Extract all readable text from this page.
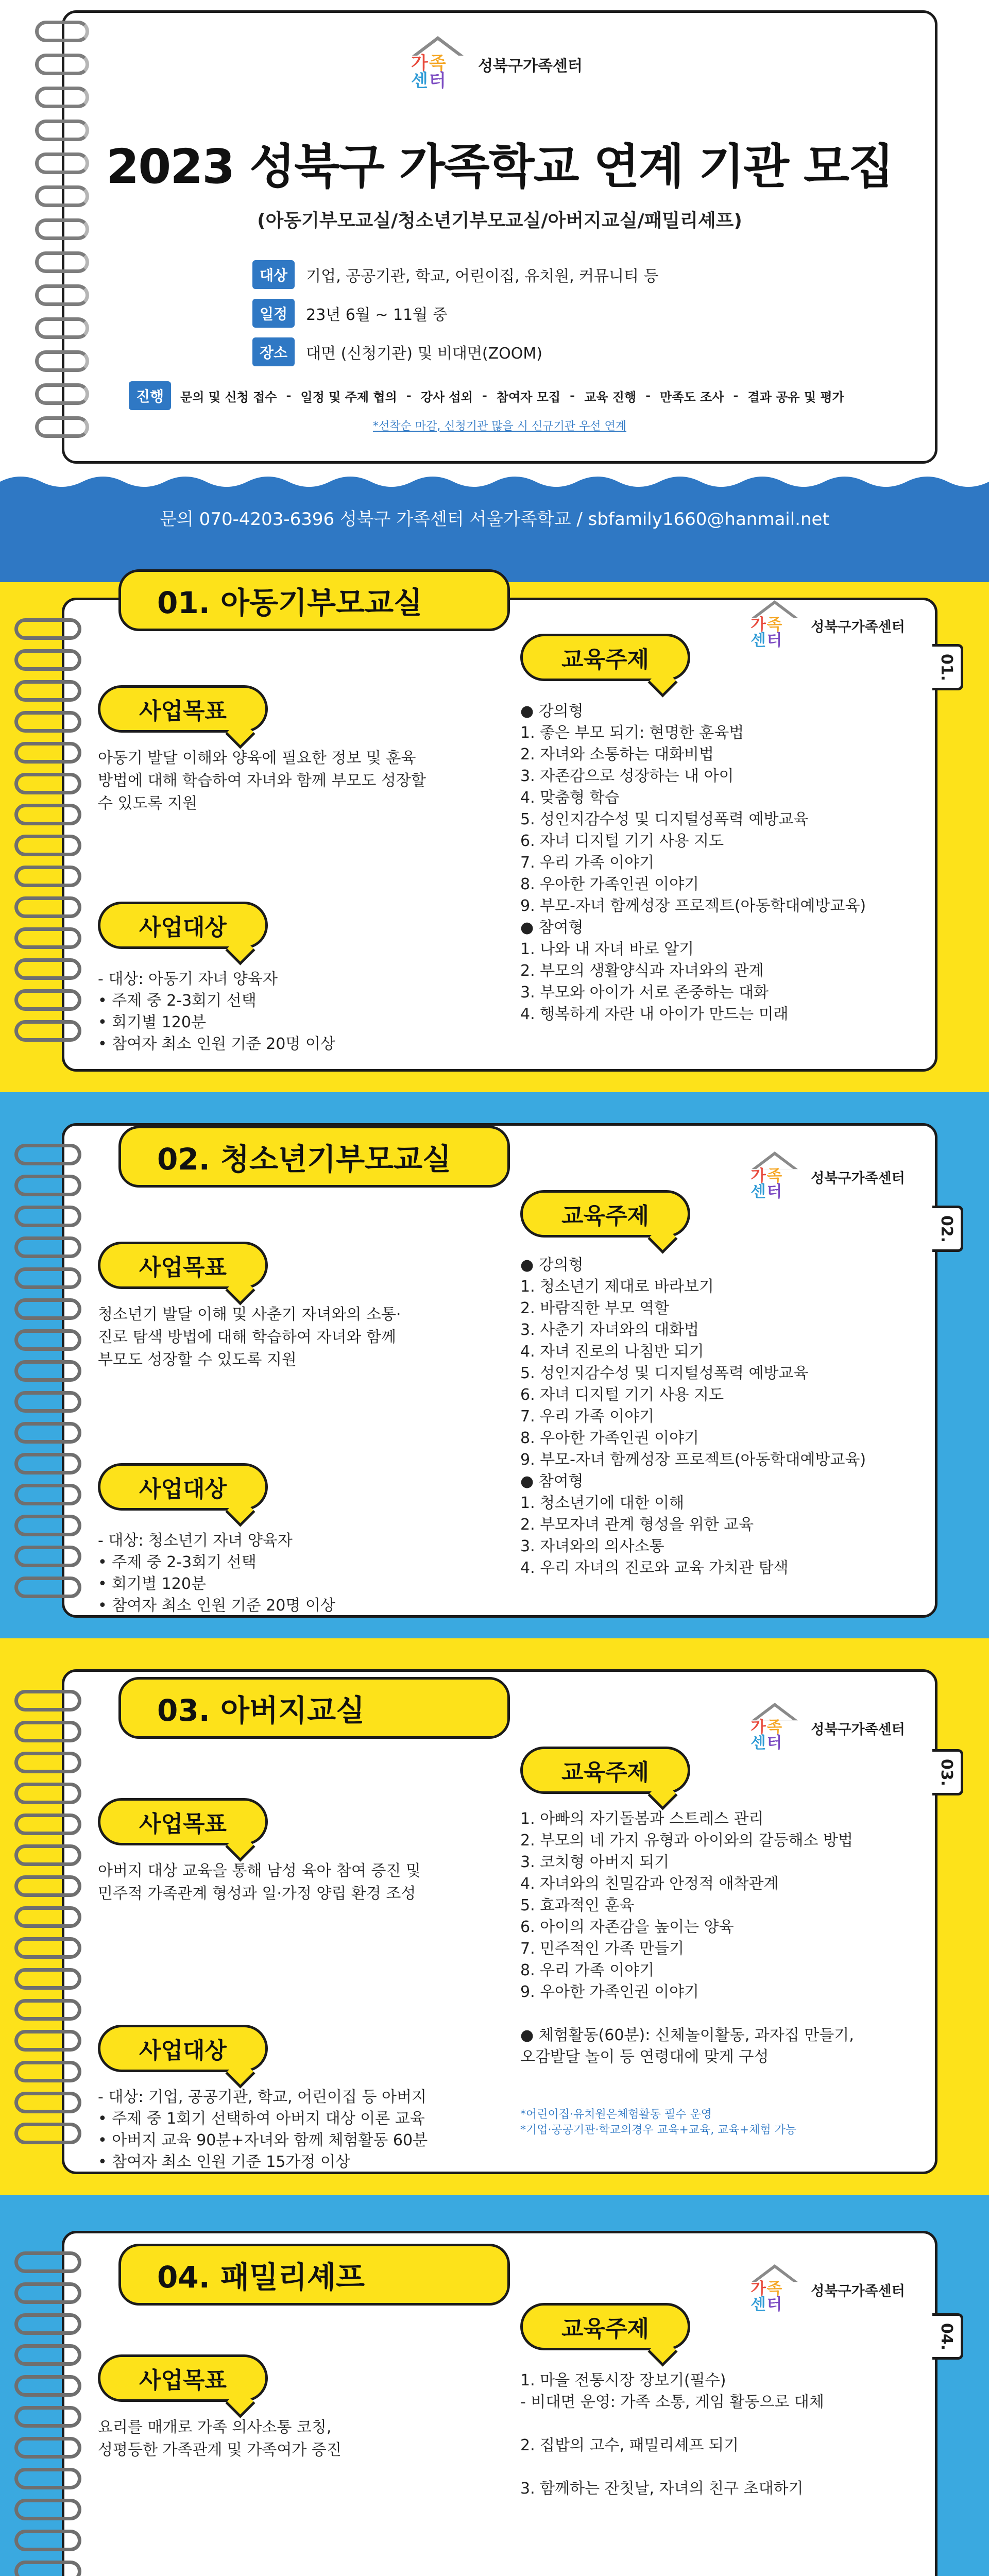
가족
센터
성북구가족센터
2023 성북구 가족학교 연계 기관 모집
(아동기부모교실/청소년기부모교실/아버지교실/패밀리셰프)
대상	기업, 공공기관, 학교, 어린이집, 유치원, 커뮤니티 등
일정	23년 6월 ~ 11월 중
장소	대면 (신청기관) 및 비대면(ZOOM)
진행	문의 및 신청 접수 - 일정 및 주제 협의 - 강사 섭외 - 참여자 모집 - 교육 진행 - 만족도 조사 - 결과 공유 및 평가
*선착순 마감, 신청기관 많을 시 신규기관 우선 연계
문의 070-4203-6396 성북구 가족센터 서울가족학교 / sbfamily1660@hanmail.net
01. 아동기부모교실
가족
센터
성북구가족센터
01.
사업목표
아동기 발달 이해와 양육에 필요한 정보 및 훈육
방법에 대해 학습하여 자녀와 함께 부모도 성장할
수 있도록 지원
사업대상
- 대상: 아동기 자녀 양육자
• 주제 중 2-3회기 선택
• 회기별 120분
• 참여자 최소 인원 기준 20명 이상
교육주제
● 강의형
1. 좋은 부모 되기: 현명한 훈육법
2. 자녀와 소통하는 대화비법
3. 자존감으로 성장하는 내 아이
4. 맞춤형 학습
5. 성인지감수성 및 디지털성폭력 예방교육
6. 자녀 디지털 기기 사용 지도
7. 우리 가족 이야기
8. 우아한 가족인권 이야기
9. 부모-자녀 함께성장 프로젝트(아동학대예방교육)
● 참여형
1. 나와 내 자녀 바로 알기
2. 부모의 생활양식과 자녀와의 관계
3. 부모와 아이가 서로 존중하는 대화
4. 행복하게 자란 내 아이가 만드는 미래
02. 청소년기부모교실	가족
센터
성북구가족센터
02.
사업목표
청소년기 발달 이해 및 사춘기 자녀와의 소통·
진로 탐색 방법에 대해 학습하여 자녀와 함께
부모도 성장할 수 있도록 지원
사업대상
- 대상: 청소년기 자녀 양육자
• 주제 중 2-3회기 선택
• 회기별 120분
• 참여자 최소 인원 기준 20명 이상
교육주제
● 강의형
1. 청소년기 제대로 바라보기
2. 바람직한 부모 역할
3. 사춘기 자녀와의 대화법
4. 자녀 진로의 나침반 되기
5. 성인지감수성 및 디지털성폭력 예방교육
6. 자녀 디지털 기기 사용 지도
7. 우리 가족 이야기
8. 우아한 가족인권 이야기
9. 부모-자녀 함께성장 프로젝트(아동학대예방교육)
● 참여형
1. 청소년기에 대한 이해
2. 부모자녀 관계 형성을 위한 교육
3. 자녀와의 의사소통
4. 우리 자녀의 진로와 교육 가치관 탐색
03. 아버지교실	가족
센터
성북구가족센터
03.
사업목표
아버지 대상 교육을 통해 남성 육아 참여 증진 및
민주적 가족관계 형성과 일·가정 양립 환경 조성
사업대상
- 대상: 기업, 공공기관, 학교, 어린이집 등 아버지
• 주제 중 1회기 선택하여 아버지 대상 이론 교육
• 아버지 교육 90분+자녀와 함께 체험활동 60분
• 참여자 최소 인원 기준 15가정 이상
교육주제
1. 아빠의 자기돌봄과 스트레스 관리
2. 부모의 네 가지 유형과 아이와의 갈등해소 방법
3. 코치형 아버지 되기
4. 자녀와의 친밀감과 안정적 애착관계
5. 효과적인 훈육
6. 아이의 자존감을 높이는 양육
7. 민주적인 가족 만들기
8. 우리 가족 이야기
9. 우아한 가족인권 이야기
● 체험활동(60분): 신체놀이활동, 과자집 만들기,
오감발달 놀이 등 연령대에 맞게 구성
*어린이집·유치원은체험활동 필수 운영
*기업·공공기관·학교의경우 교육+교육, 교육+체험 가능
04. 패밀리셰프	가족
센터
성북구가족센터
04.
사업목표
요리를 매개로 가족 의사소통 코칭,
성평등한 가족관계 및 가족여가 증진
교육주제
1. 마을 전통시장 장보기(필수)
- 비대면 운영: 가족 소통, 게임 활동으로 대체
2. 집밥의 고수, 패밀리셰프 되기
3. 함께하는 잔칫날, 자녀의 친구 초대하기
